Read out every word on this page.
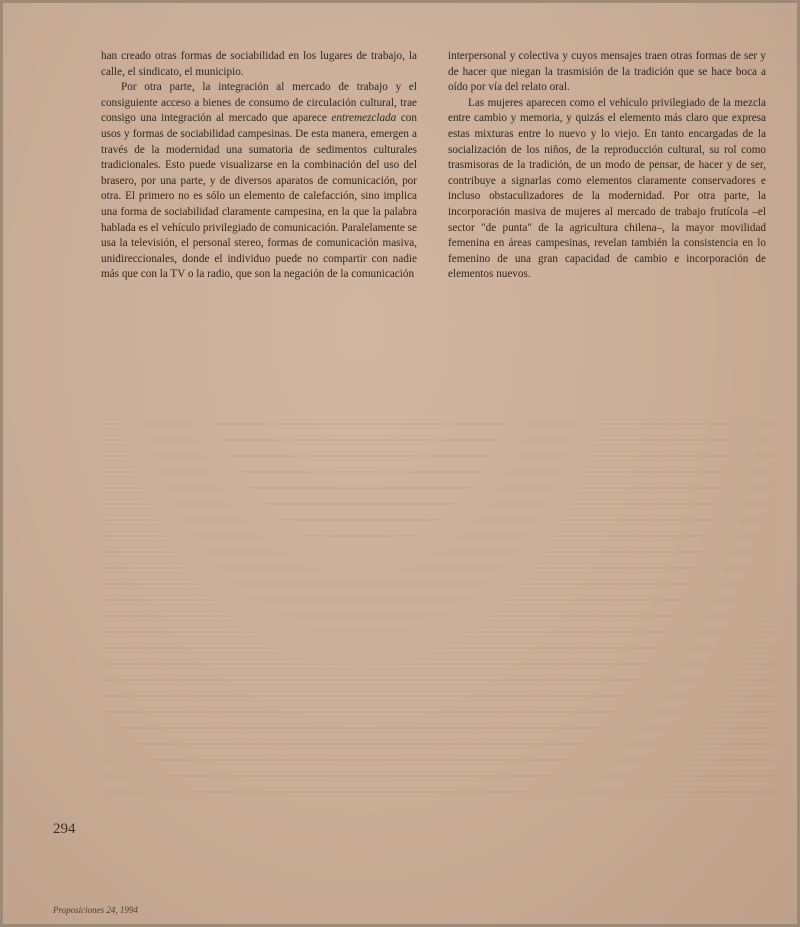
han creado otras formas de sociabilidad en los lugares de trabajo, la calle, el sindicato, el municipio.

Por otra parte, la integración al mercado de trabajo y el consiguiente acceso a bienes de consumo de circulación cultural, trae consigo una integración al mercado que aparece entremezclada con usos y formas de sociabilidad campesinas. De esta manera, emergen a través de la modernidad una sumatoria de sedimentos culturales tradicionales. Esto puede visualizarse en la combinación del uso del brasero, por una parte, y de diversos aparatos de comunicación, por otra. El primero no es sólo un elemento de calefacción, sino implica una forma de sociabilidad claramente campesina, en la que la palabra hablada es el vehículo privilegiado de comunicación. Paralelamente se usa la televisión, el personal stereo, formas de comunicación masiva, unidireccionales, donde el individuo puede no compartir con nadie más que con la TV o la radio, que son la negación de la comunicación

interpersonal y colectiva y cuyos mensajes traen otras formas de ser y de hacer que niegan la trasmisión de la tradición que se hace boca a oído por vía del relato oral.

Las mujeres aparecen como el vehículo privilegiado de la mezcla entre cambio y memoria, y quizás el elemento más claro que expresa estas mixturas entre lo nuevo y lo viejo. En tanto encargadas de la socialización de los niños, de la reproducción cultural, su rol como trasmisoras de la tradición, de un modo de pensar, de hacer y de ser, contribuye a signarlas como elementos claramente conservadores e incluso obstaculizadores de la modernidad. Por otra parte, la incorporación masiva de mujeres al mercado de trabajo frutícola –el sector "de punta" de la agricultura chilena–, la mayor movilidad femenina en áreas campesinas, revelan también la consistencia en lo femenino de una gran capacidad de cambio e incorporación de elementos nuevos.

294
Proposiciones 24, 1994
